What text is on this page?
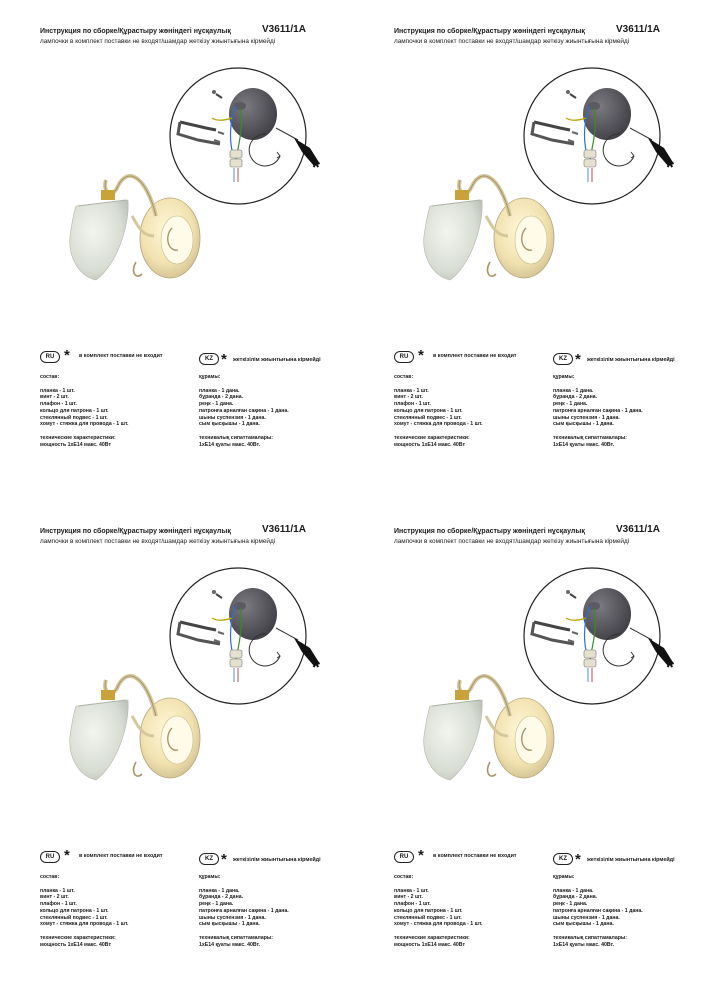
Инструкция по сборке/Құрастыру жөніндегі нұсқаулық	V3611/1A
лампочки в комплект поставки не входят/шамдар жеткізу жиынтығына кірмейді
*
RU * в комплект поставки не входит	KZ * жеткізілім жиынтығына кірмейді
состав:
планка - 1 шт.
винт - 2 шт.
плафон - 1 шт.
кольцо для патрона - 1 шт.
стеклянный подвес - 1 шт.
хомут - стяжка для провода - 1 шт.
технические характеристики:
мощность 1хЕ14 макс. 40Вт
құрамы:
планка - 1 дана.
бұранда - 2 дана.
реңк - 1 дана.
патронға арналған сақина - 1 дана.
шыны суспензия - 1 дана.
сым қысқышы - 1 дана.
техникалық сипаттамалары:
1хЕ14 қуаты макс. 40Вт.
Инструкция по сборке/Құрастыру жөніндегі нұсқаулық	V3611/1A
лампочки в комплект поставки не входят/шамдар жеткізу жиынтығына кірмейді
*
RU * в комплект поставки не входит	KZ * жеткізілім жиынтығына кірмейді
состав:
планка - 1 шт.
винт - 2 шт.
плафон - 1 шт.
кольцо для патрона - 1 шт.
стеклянный подвес - 1 шт.
хомут - стяжка для провода - 1 шт.
технические характеристики:
мощность 1хЕ14 макс. 40Вт
құрамы:
планка - 1 дана.
бұранда - 2 дана.
реңк - 1 дана.
патронға арналған сақина - 1 дана.
шыны суспензия - 1 дана.
сым қысқышы - 1 дана.
техникалық сипаттамалары:
1хЕ14 қуаты макс. 40Вт.
Инструкция по сборке/Құрастыру жөніндегі нұсқаулық	V3611/1A
лампочки в комплект поставки не входят/шамдар жеткізу жиынтығына кірмейді
*
RU * в комплект поставки не входит	KZ * жеткізілім жиынтығына кірмейді
состав:
планка - 1 шт.
винт - 2 шт.
плафон - 1 шт.
кольцо для патрона - 1 шт.
стеклянный подвес - 1 шт.
хомут - стяжка для провода - 1 шт.
технические характеристики:
мощность 1хЕ14 макс. 40Вт
құрамы:
планка - 1 дана.
бұранда - 2 дана.
реңк - 1 дана.
патронға арналған сақина - 1 дана.
шыны суспензия - 1 дана.
сым қысқышы - 1 дана.
техникалық сипаттамалары:
1хЕ14 қуаты макс. 40Вт.
Инструкция по сборке/Құрастыру жөніндегі нұсқаулық	V3611/1A
лампочки в комплект поставки не входят/шамдар жеткізу жиынтығына кірмейді
*
RU * в комплект поставки не входит	KZ * жеткізілім жиынтығына кірмейді
состав:
планка - 1 шт.
винт - 2 шт.
плафон - 1 шт.
кольцо для патрона - 1 шт.
стеклянный подвес - 1 шт.
хомут - стяжка для провода - 1 шт.
технические характеристики:
мощность 1хЕ14 макс. 40Вт
құрамы:
планка - 1 дана.
бұранда - 2 дана.
реңк - 1 дана.
патронға арналған сақина - 1 дана.
шыны суспензия - 1 дана.
сым қысқышы - 1 дана.
техникалық сипаттамалары:
1хЕ14 қуаты макс. 40Вт.
